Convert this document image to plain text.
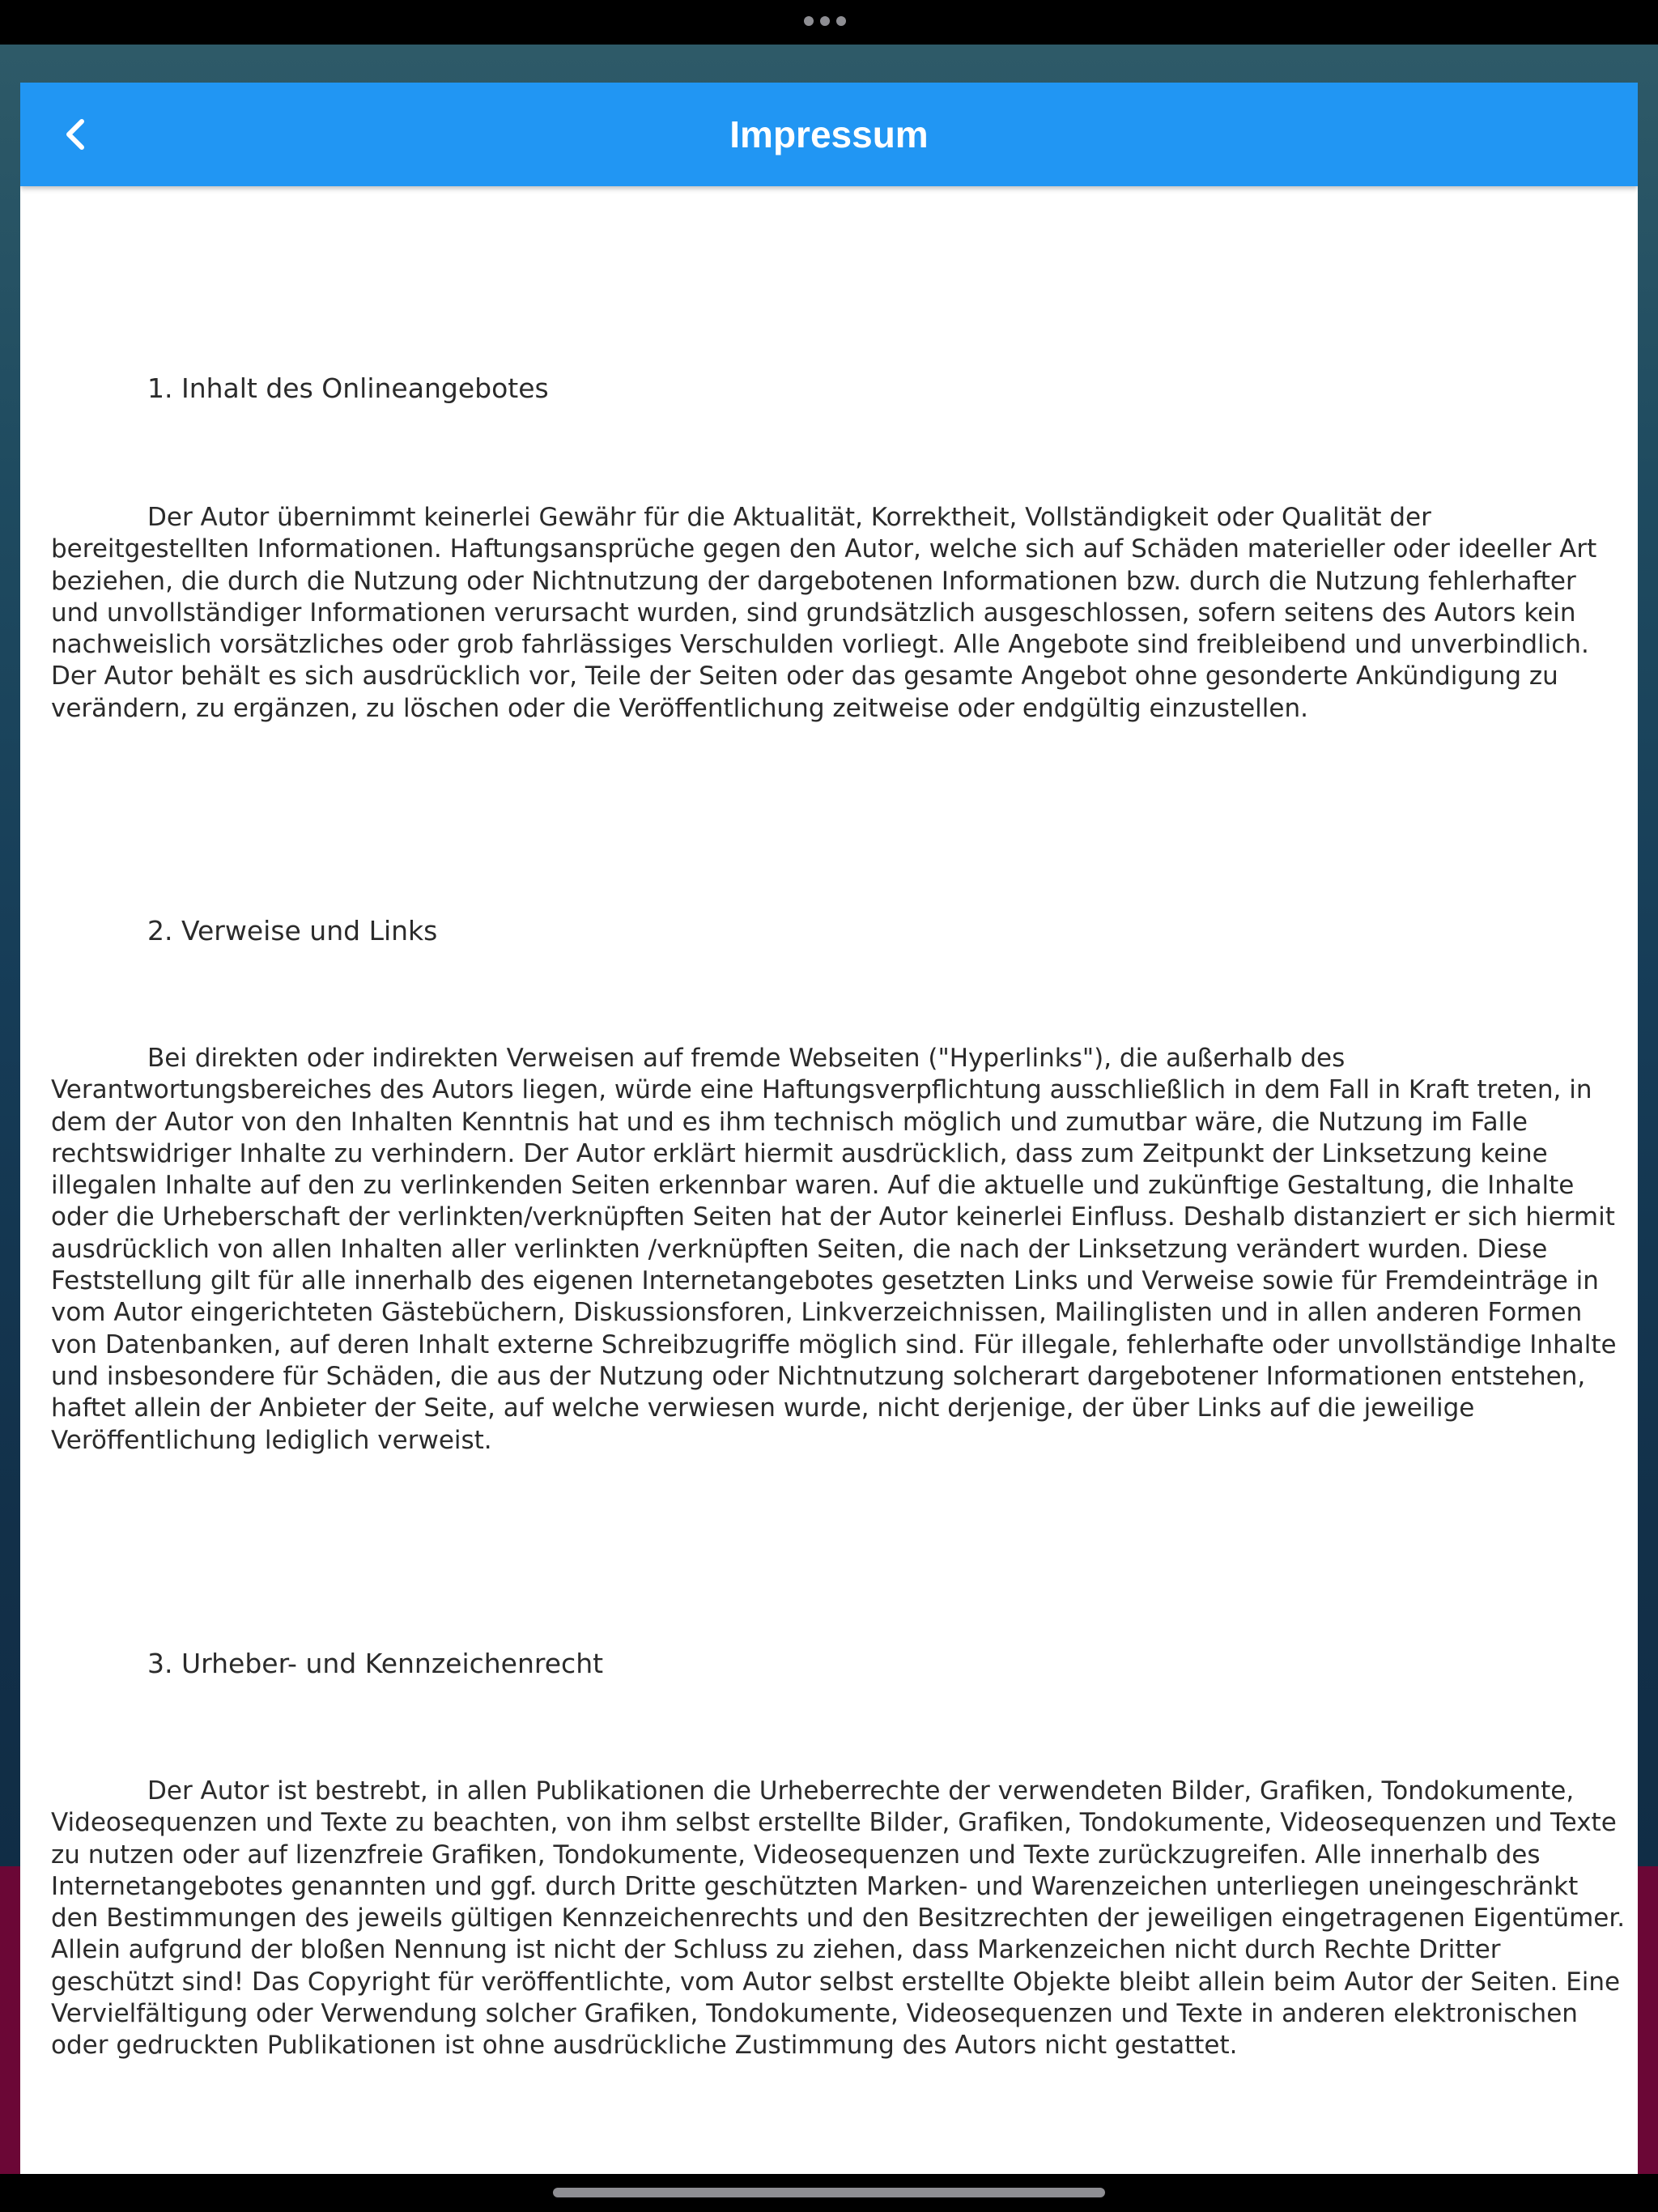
Impressum
1. Inhalt des Onlineangebotes

Der Autor übernimmt keinerlei Gewähr für die Aktualität, Korrektheit, Vollständigkeit oder Qualität der bereitgestellten Informationen. Haftungsansprüche gegen den Autor, welche sich auf Schäden materieller oder ideeller Art beziehen, die durch die Nutzung oder Nichtnutzung der dargebotenen Informationen bzw. durch die Nutzung fehlerhafter und unvollständiger Informationen verursacht wurden, sind grundsätzlich ausgeschlossen, sofern seitens des Autors kein nachweislich vorsätzliches oder grob fahrlässiges Verschulden vorliegt. Alle Angebote sind freibleibend und unverbindlich. Der Autor behält es sich ausdrücklich vor, Teile der Seiten oder das gesamte Angebot ohne gesonderte Ankündigung zu verändern, zu ergänzen, zu löschen oder die Veröffentlichung zeitweise oder endgültig einzustellen.

2. Verweise und Links

Bei direkten oder indirekten Verweisen auf fremde Webseiten ("Hyperlinks"), die außerhalb des Verantwortungsbereiches des Autors liegen, würde eine Haftungsverpflichtung ausschließlich in dem Fall in Kraft treten, in dem der Autor von den Inhalten Kenntnis hat und es ihm technisch möglich und zumutbar wäre, die Nutzung im Falle rechtswidriger Inhalte zu verhindern. Der Autor erklärt hiermit ausdrücklich, dass zum Zeitpunkt der Linksetzung keine illegalen Inhalte auf den zu verlinkenden Seiten erkennbar waren. Auf die aktuelle und zukünftige Gestaltung, die Inhalte oder die Urheberschaft der verlinkten/verknüpften Seiten hat der Autor keinerlei Einfluss. Deshalb distanziert er sich hiermit ausdrücklich von allen Inhalten aller verlinkten /verknüpften Seiten, die nach der Linksetzung verändert wurden. Diese Feststellung gilt für alle innerhalb des eigenen Internetangebotes gesetzten Links und Verweise sowie für Fremdeinträge in vom Autor eingerichteten Gästebüchern, Diskussionsforen, Linkverzeichnissen, Mailinglisten und in allen anderen Formen von Datenbanken, auf deren Inhalt externe Schreibzugriffe möglich sind. Für illegale, fehlerhafte oder unvollständige Inhalte und insbesondere für Schäden, die aus der Nutzung oder Nichtnutzung solcherart dargebotener Informationen entstehen, haftet allein der Anbieter der Seite, auf welche verwiesen wurde, nicht derjenige, der über Links auf die jeweilige Veröffentlichung lediglich verweist.

3. Urheber- und Kennzeichenrecht

Der Autor ist bestrebt, in allen Publikationen die Urheberrechte der verwendeten Bilder, Grafiken, Tondokumente, Videosequenzen und Texte zu beachten, von ihm selbst erstellte Bilder, Grafiken, Tondokumente, Videosequenzen und Texte zu nutzen oder auf lizenzfreie Grafiken, Tondokumente, Videosequenzen und Texte zurückzugreifen. Alle innerhalb des Internetangebotes genannten und ggf. durch Dritte geschützten Marken- und Warenzeichen unterliegen uneingeschränkt den Bestimmungen des jeweils gültigen Kennzeichenrechts und den Besitzrechten der jeweiligen eingetragenen Eigentümer. Allein aufgrund der bloßen Nennung ist nicht der Schluss zu ziehen, dass Markenzeichen nicht durch Rechte Dritter geschützt sind! Das Copyright für veröffentlichte, vom Autor selbst erstellte Objekte bleibt allein beim Autor der Seiten. Eine Vervielfältigung oder Verwendung solcher Grafiken, Tondokumente, Videosequenzen und Texte in anderen elektronischen oder gedruckten Publikationen ist ohne ausdrückliche Zustimmung des Autors nicht gestattet.
